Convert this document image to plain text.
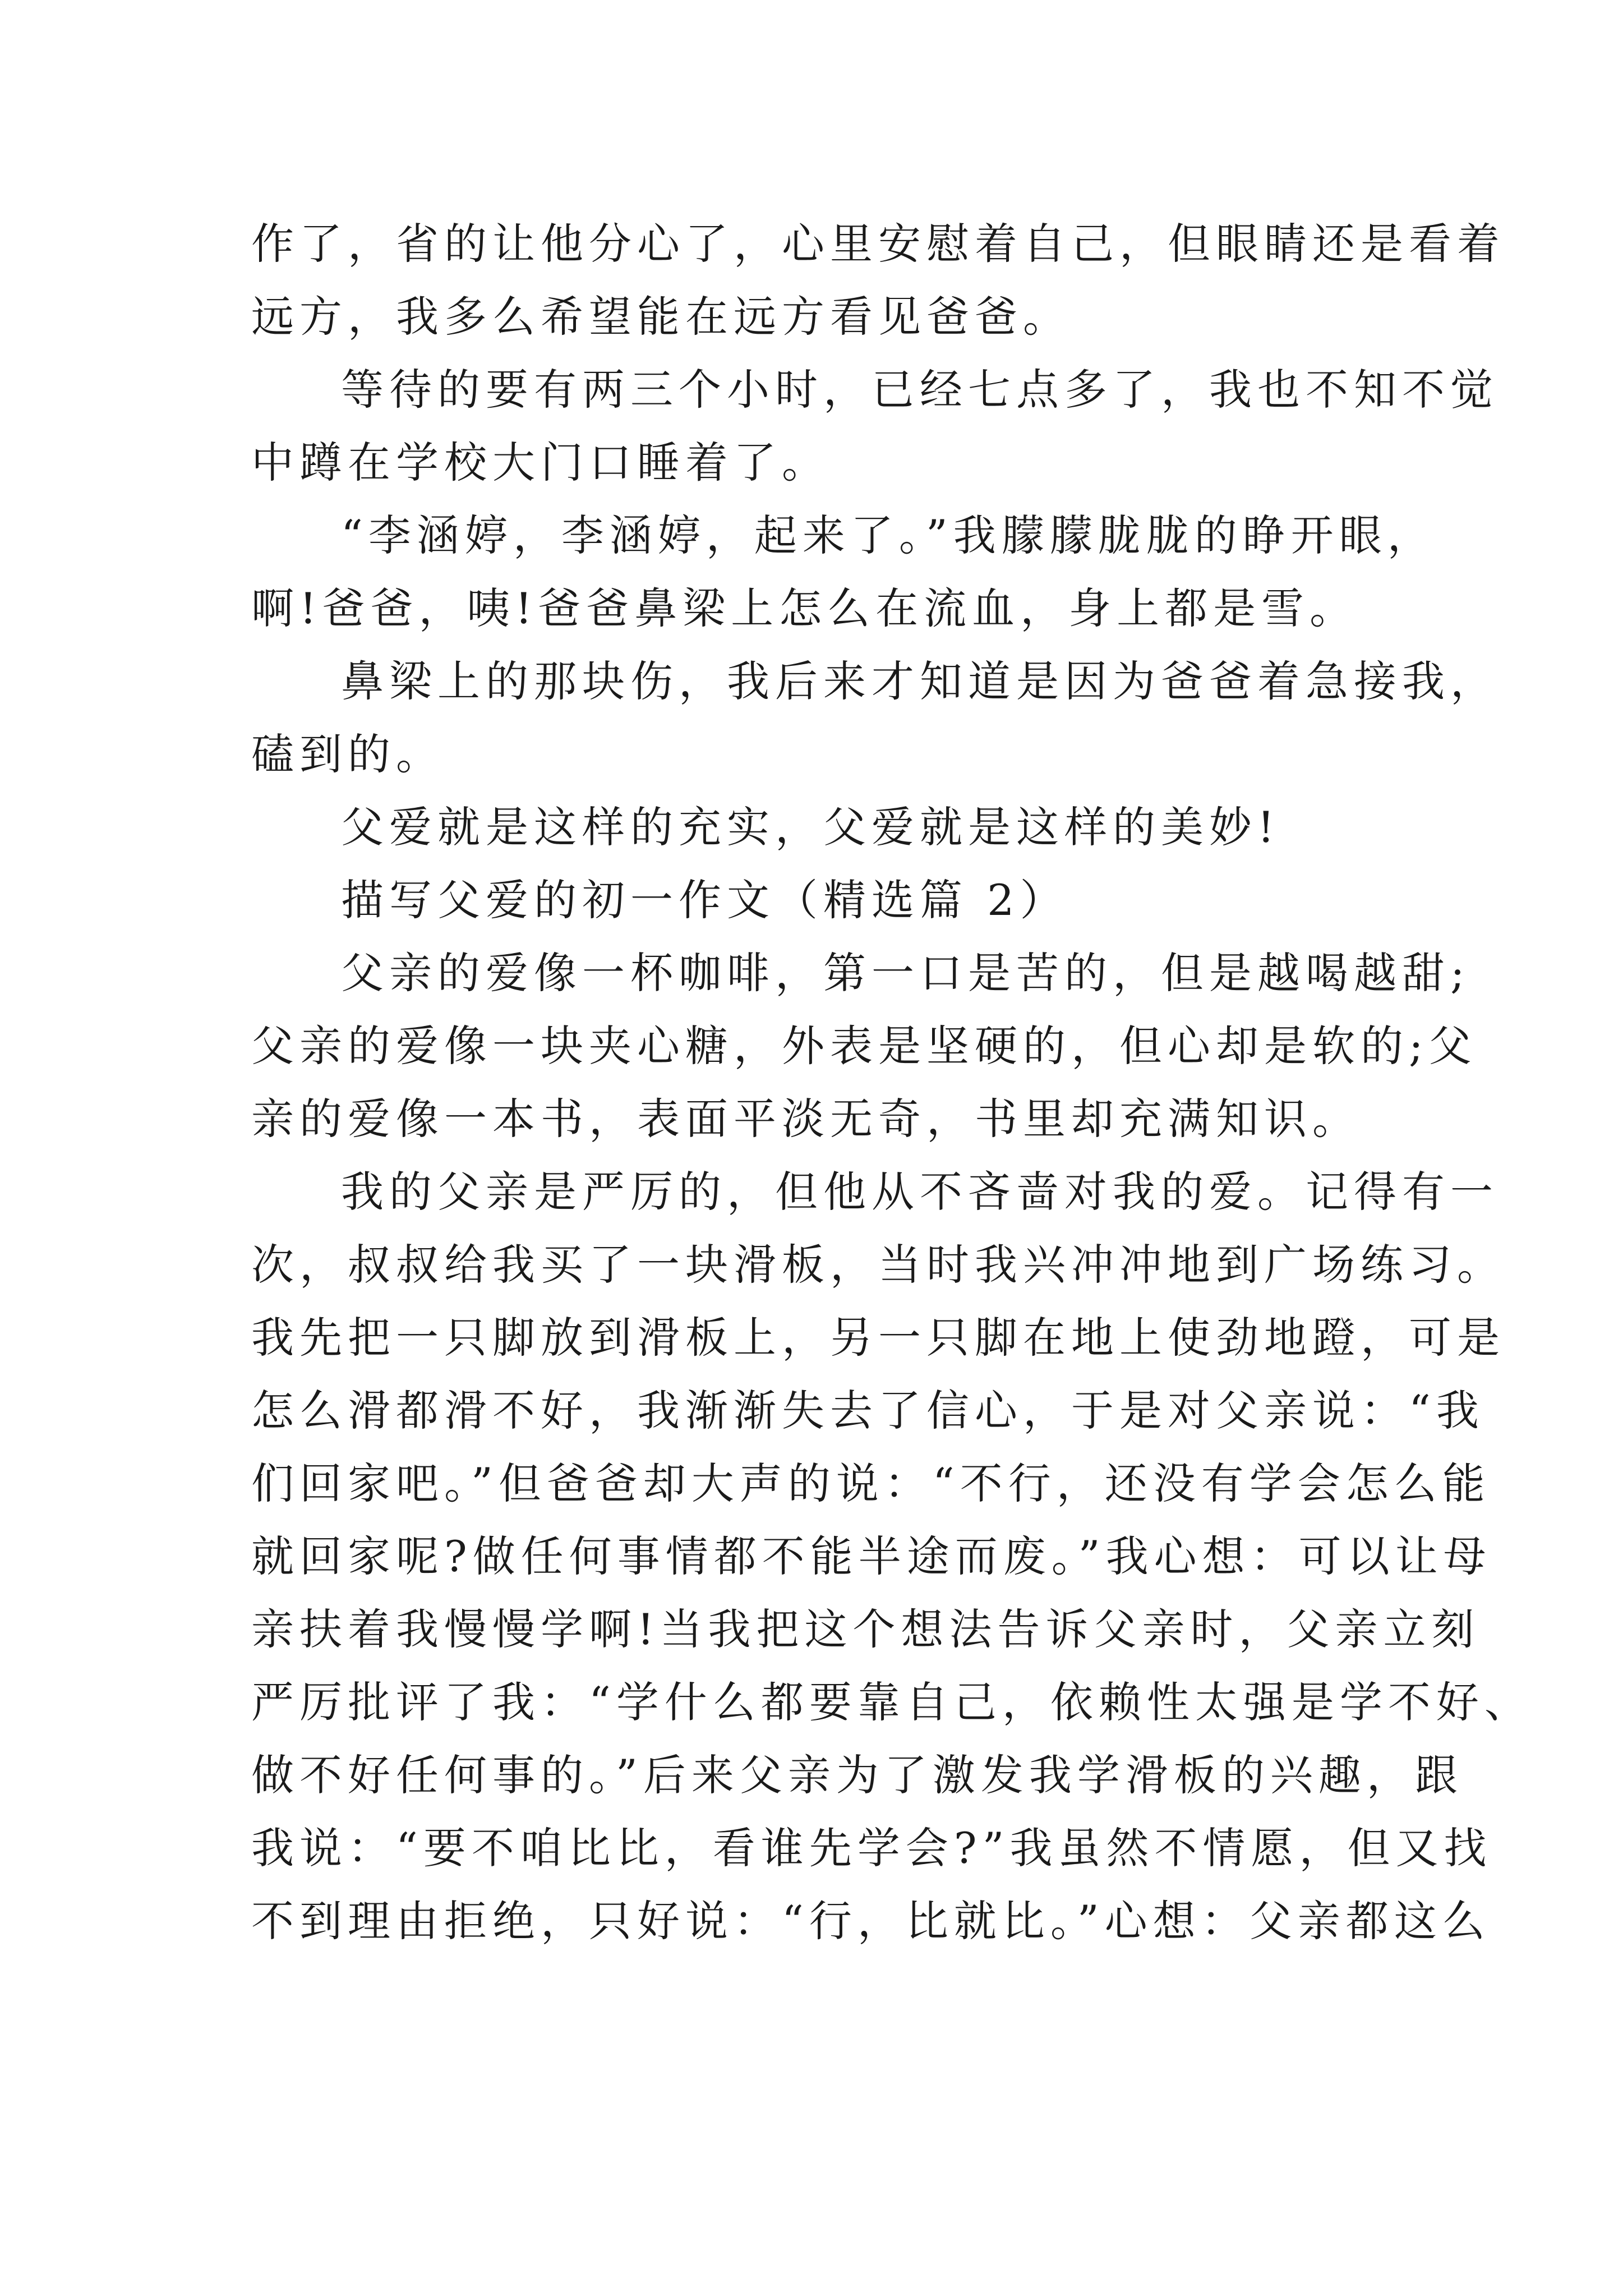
作了，省的让他分心了，心里安慰着自己，但眼睛还是看着
远方，我多么希望能在远方看见爸爸。
等待的要有两三个小时，已经七点多了，我也不知不觉
中蹲在学校大门口睡着了。
“李涵婷，李涵婷，起来了。”我朦朦胧胧的睁开眼，
啊!爸爸，咦!爸爸鼻梁上怎么在流血，身上都是雪。
鼻梁上的那块伤，我后来才知道是因为爸爸着急接我，
磕到的。
父爱就是这样的充实，父爱就是这样的美妙!
描写父爱的初一作文（精选篇 2）
父亲的爱像一杯咖啡，第一口是苦的，但是越喝越甜;
父亲的爱像一块夹心糖，外表是坚硬的，但心却是软的;父
亲的爱像一本书，表面平淡无奇，书里却充满知识。
我的父亲是严厉的，但他从不吝啬对我的爱。记得有一
次，叔叔给我买了一块滑板，当时我兴冲冲地到广场练习。
我先把一只脚放到滑板上，另一只脚在地上使劲地蹬，可是
怎么滑都滑不好，我渐渐失去了信心，于是对父亲说：“我
们回家吧。”但爸爸却大声的说：“不行，还没有学会怎么能
就回家呢?做任何事情都不能半途而废。”我心想：可以让母
亲扶着我慢慢学啊!当我把这个想法告诉父亲时，父亲立刻
严厉批评了我：“学什么都要靠自己，依赖性太强是学不好、
做不好任何事的。”后来父亲为了激发我学滑板的兴趣，跟
我说：“要不咱比比，看谁先学会?”我虽然不情愿，但又找
不到理由拒绝，只好说：“行，比就比。”心想：父亲都这么
